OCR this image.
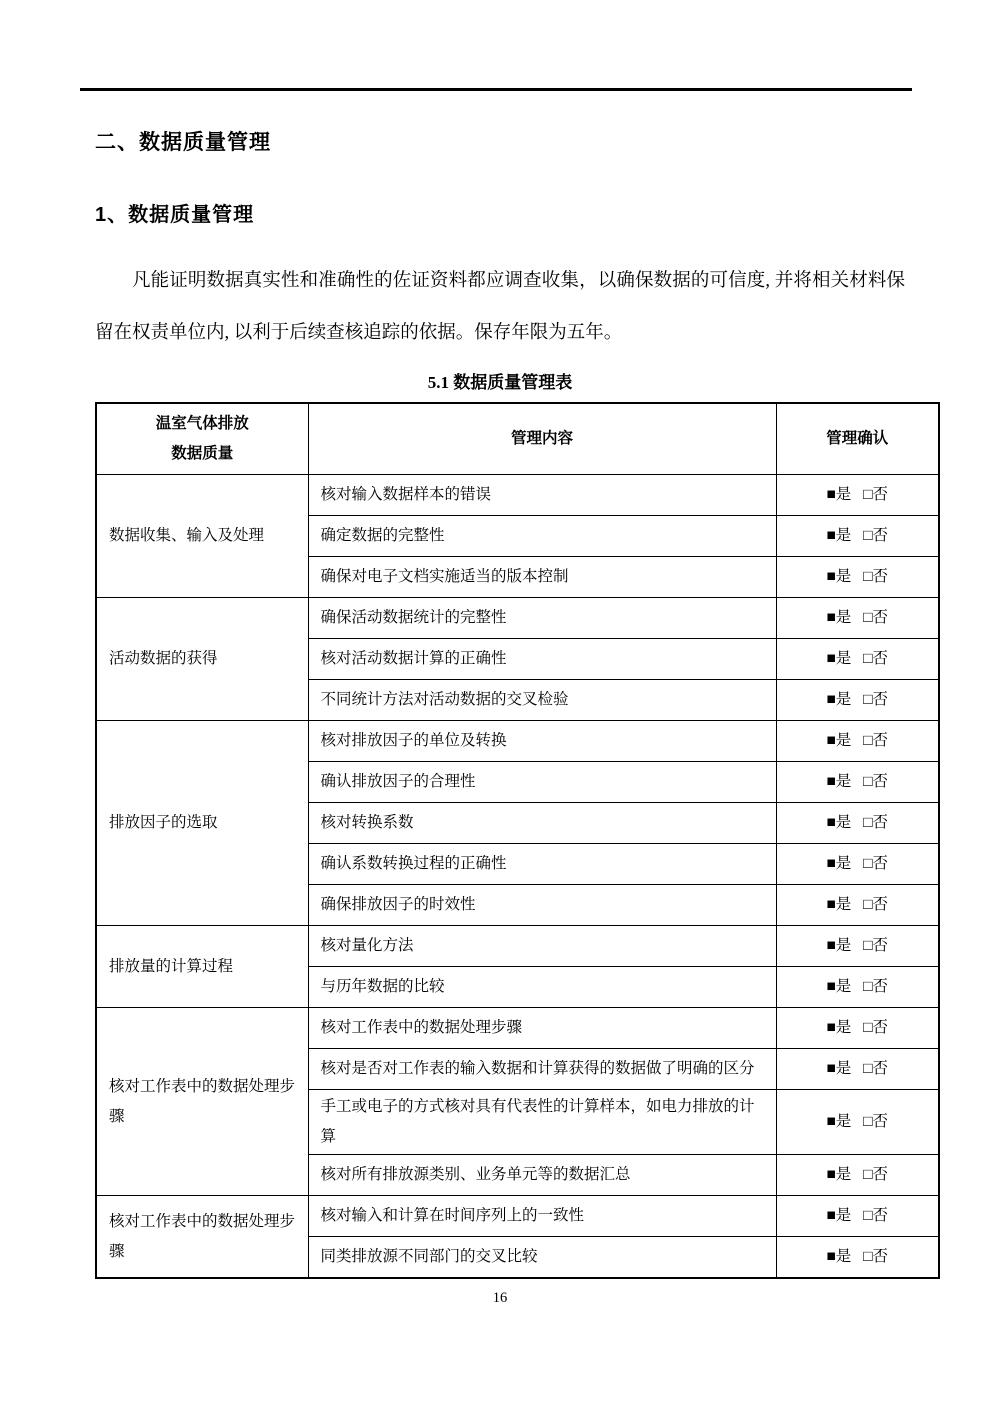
二、数据质量管理
1、数据质量管理

凡能证明数据真实性和准确性的佐证资料都应调查收集，以确保数据的可信度, 并将相关材料保留在权责单位内, 以利于后续查核追踪的依据。保存年限为五年。

5.1 数据质量管理表
温室气体排放
数据质量	管理内容	管理确认
数据收集、输入及处理	核对输入数据样本的错误	■是 □否
	确定数据的完整性	■是 □否
	确保对电子文档实施适当的版本控制	■是 □否
活动数据的获得	确保活动数据统计的完整性	■是 □否
	核对活动数据计算的正确性	■是 □否
	不同统计方法对活动数据的交叉检验	■是 □否
排放因子的选取	核对排放因子的单位及转换	■是 □否
	确认排放因子的合理性	■是 □否
	核对转换系数	■是 □否
	确认系数转换过程的正确性	■是 □否
	确保排放因子的时效性	■是 □否
排放量的计算过程	核对量化方法	■是 □否
	与历年数据的比较	■是 □否
核对工作表中的数据处理步骤	核对工作表中的数据处理步骤	■是 □否
	核对是否对工作表的输入数据和计算获得的数据做了明确的区分	■是 □否
	手工或电子的方式核对具有代表性的计算样本，如电力排放的计算	■是 □否
	核对所有排放源类别、业务单元等的数据汇总	■是 □否
核对工作表中的数据处理步骤	核对输入和计算在时间序列上的一致性	■是 □否
	同类排放源不同部门的交叉比较	■是 □否
16
